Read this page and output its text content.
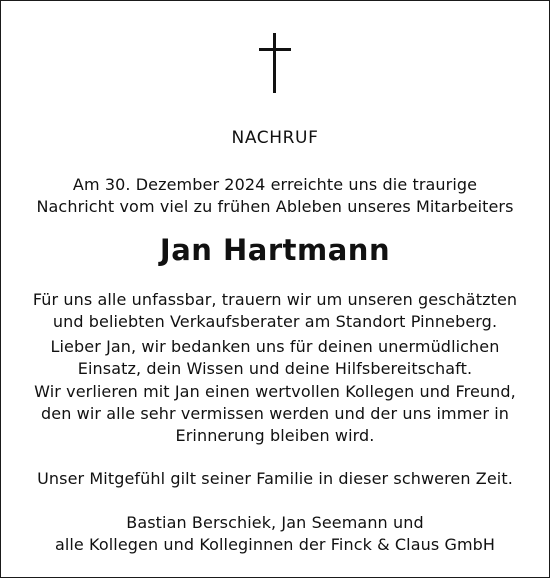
NACHRUF
Am 30. Dezember 2024 erreichte uns die traurige
Nachricht vom viel zu frühen Ableben unseres Mitarbeiters
Jan Hartmann
Für uns alle unfassbar, trauern wir um unseren geschätzten
und beliebten Verkaufsberater am Standort Pinneberg.
Lieber Jan, wir bedanken uns für deinen unermüdlichen
Einsatz, dein Wissen und deine Hilfsbereitschaft.
Wir verlieren mit Jan einen wertvollen Kollegen und Freund,
den wir alle sehr vermissen werden und der uns immer in
Erinnerung bleiben wird.
Unser Mitgefühl gilt seiner Familie in dieser schweren Zeit.
Bastian Berschiek, Jan Seemann und
alle Kollegen und Kolleginnen der Finck & Claus GmbH
